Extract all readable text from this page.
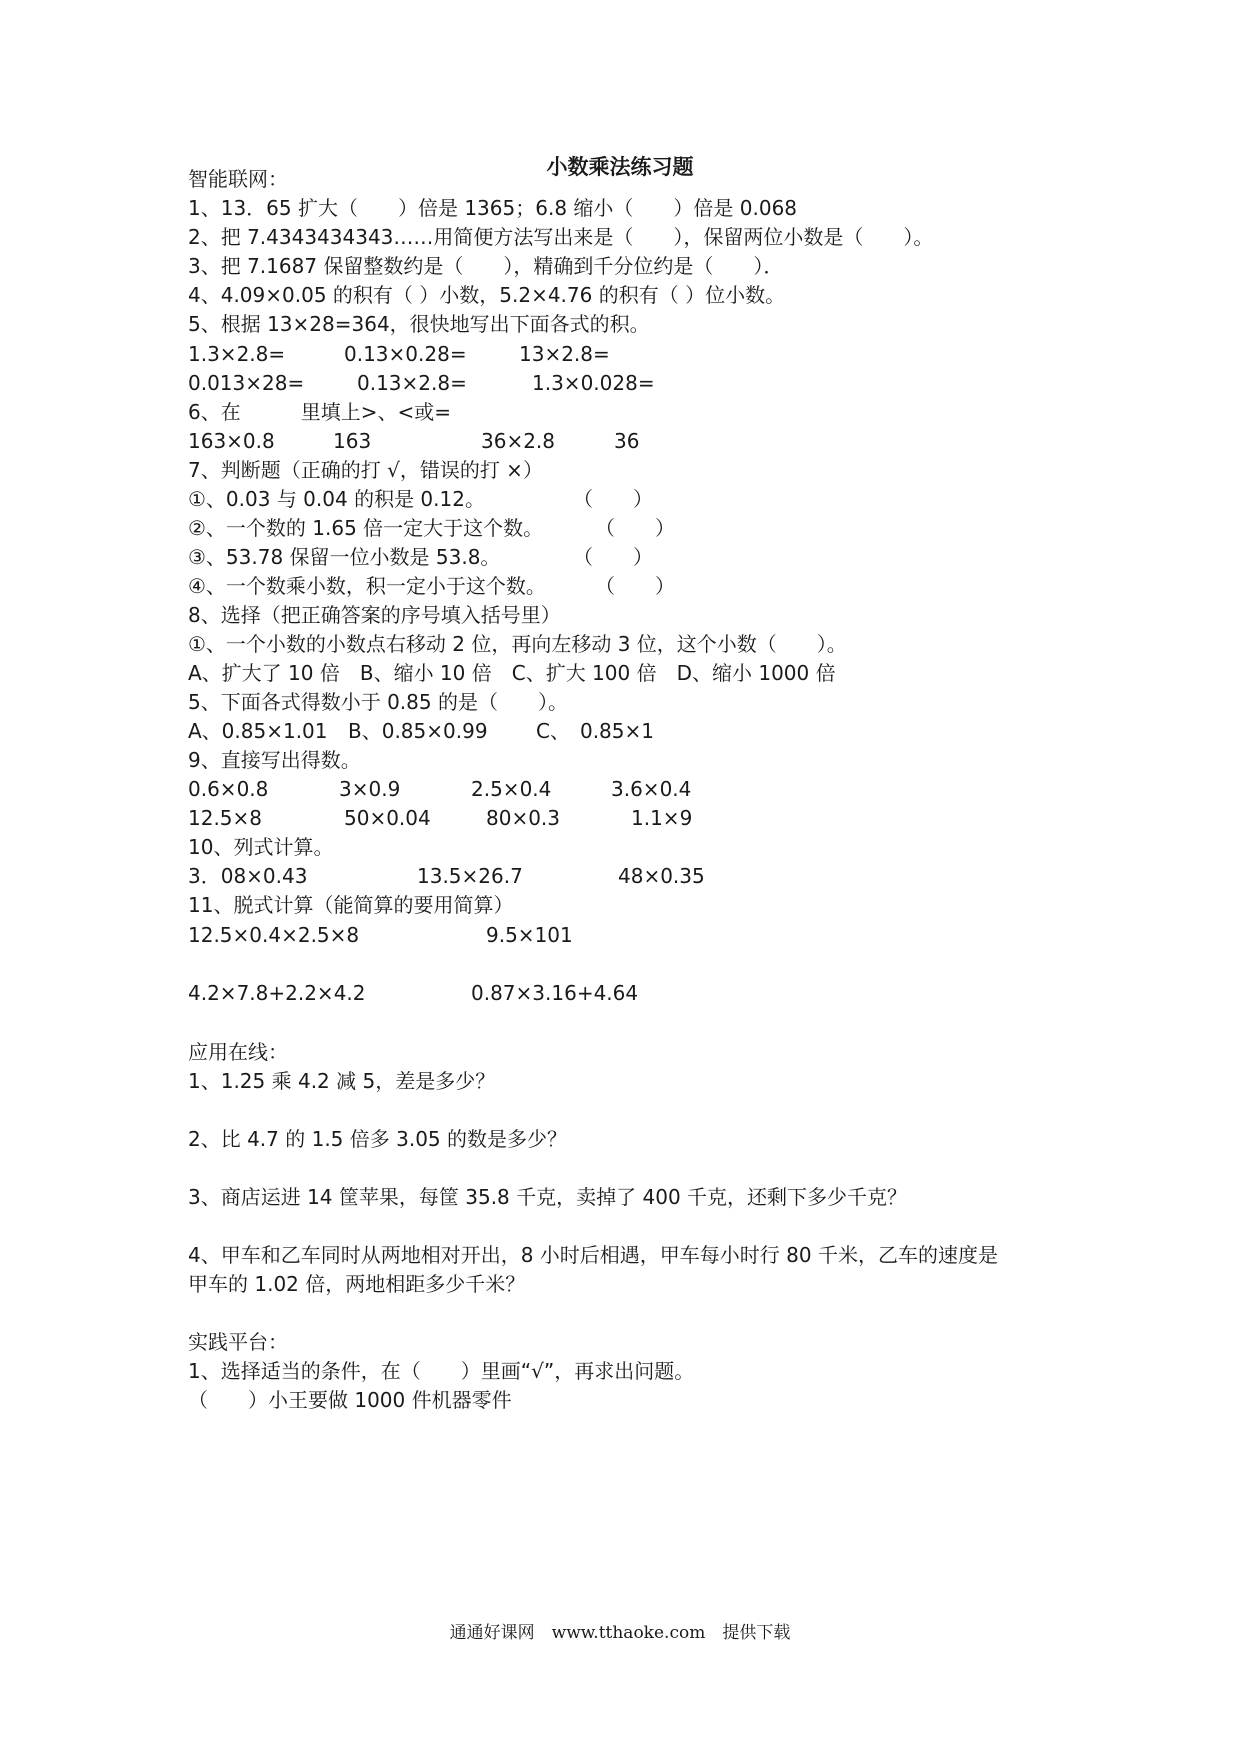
小数乘法练习题
智能联网：
1、13．65 扩大（　　）倍是 1365；6.8 缩小（　　）倍是 0.068
2、把 7.4343434343……用简便方法写出来是（　　），保留两位小数是（　　）。
3、把 7.1687 保留整数约是（　　），精确到千分位约是（　　）．
4、4.09×0.05 的积有（ ）小数，5.2×4.76 的积有（ ）位小数。
5、根据 13×28=364，很快地写出下面各式的积。
1.3×2.8=	0.13×0.28=	13×2.8=
0.013×28=	0.13×2.8=	1.3×0.028=
6、在　　　里填上>、<或=
163×0.8	163	36×2.8	36
7、判断题（正确的打 √，错误的打 ×）
①、0.03 与 0.04 的积是 0.12。	（　　）
②、一个数的 1.65 倍一定大于这个数。	（　　）
③、53.78 保留一位小数是 53.8。	（　　）
④、一个数乘小数，积一定小于这个数。 （　　）
8、选择（把正确答案的序号填入括号里）
①、一个小数的小数点右移动 2 位，再向左移动 3 位，这个小数（　　）。
A、扩大了 10 倍　B、缩小 10 倍　C、扩大 100 倍　D、缩小 1000 倍
5、下面各式得数小于 0.85 的是（　　）。
A、0.85×1.01 B、0.85×0.99 C、　0.85×1
9、直接写出得数。
0.6×0.8	3×0.9	2.5×0.4	3.6×0.4
12.5×8	50×0.04	80×0.3	1.1×9
10、列式计算。
3．08×0.43	13.5×26.7	48×0.35
11、脱式计算（能简算的要用简算）
12.5×0.4×2.5×8	9.5×101
4.2×7.8+2.2×4.2	0.87×3.16+4.64
应用在线：
1、1.25 乘 4.2 减 5，差是多少？
2、比 4.7 的 1.5 倍多 3.05 的数是多少？
3、商店运进 14 筐苹果，每筐 35.8 千克，卖掉了 400 千克，还剩下多少千克？
4、甲车和乙车同时从两地相对开出，8 小时后相遇，甲车每小时行 80 千米，乙车的速度是
甲车的 1.02 倍，两地相距多少千米？
实践平台：
1、选择适当的条件，在（　　）里画“√”，再求出问题。
（　　）小王要做 1000 件机器零件
通通好课网　www.tthaoke.com　提供下载
